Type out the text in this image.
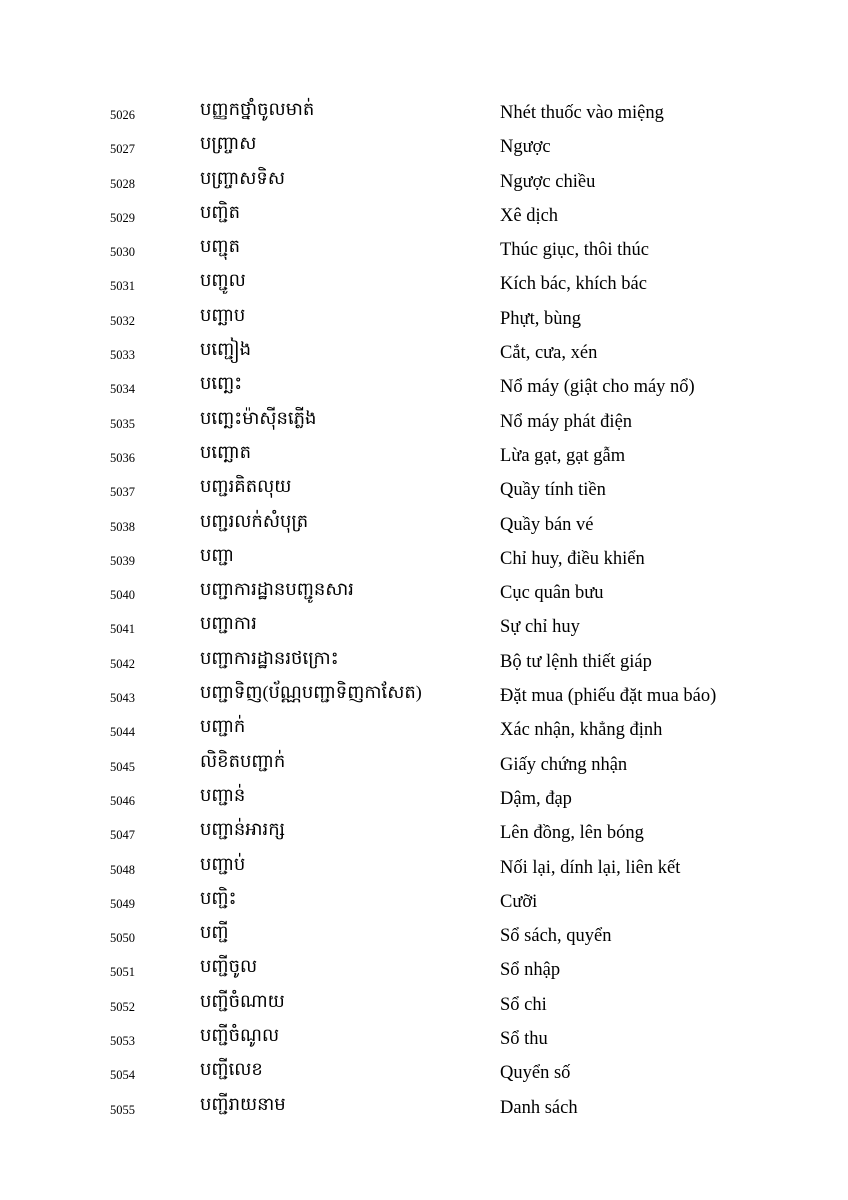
5026	បញ្ញកថ្នាំចូលមាត់	Nhét thuốc vào miệng
5027	បញ្ច្រាស	Ngược
5028	បញ្ច្រាសទិស	Ngược chiều
5029	បញ្ជិត	Xê dịch
5030	បញ្ជុត	Thúc giục, thôi thúc
5031	បញ្ជូល	Kích bác, khích bác
5032	បញ្ឆាប	Phựt, bùng
5033	បញ្ជៀង	Cắt, cưa, xén
5034	បញ្ឆេះ	Nổ máy (giật cho máy nổ)
5035	បញ្ឆេះម៉ាស៊ីនភ្លើង	Nổ máy phát điện
5036	បញ្ឆោត	Lừa gạt, gạt gẫm
5037	បញ្ជរគិតលុយ	Quầy tính tiền
5038	បញ្ជរលក់សំបុត្រ	Quầy bán vé
5039	បញ្ជា	Chỉ huy, điều khiển
5040	បញ្ជាការដ្ឋានបញ្ជូនសារ	Cục quân bưu
5041	បញ្ជាការ	Sự chỉ huy
5042	បញ្ជាការដ្ឋានរថក្រោះ	Bộ tư lệnh thiết giáp
5043	បញ្ជាទិញ(ប័ណ្ណបញ្ជាទិញកាសែត)	Đặt mua (phiếu đặt mua báo)
5044	បញ្ជាក់	Xác nhận, khẳng định
5045	លិខិតបញ្ជាក់	Giấy chứng nhận
5046	បញ្ជាន់	Dậm, đạp
5047	បញ្ជាន់អារក្ស	Lên đồng, lên bóng
5048	បញ្ជាប់	Nối lại, dính lại, liên kết
5049	បញ្ជិះ	Cưỡi
5050	បញ្ជី	Sổ sách, quyển
5051	បញ្ជីចូល	Sổ nhập
5052	បញ្ជីចំណាយ	Sổ chi
5053	បញ្ជីចំណូល	Sổ thu
5054	បញ្ជីលេខ	Quyển số
5055	បញ្ជីរាយនាម	Danh sách
